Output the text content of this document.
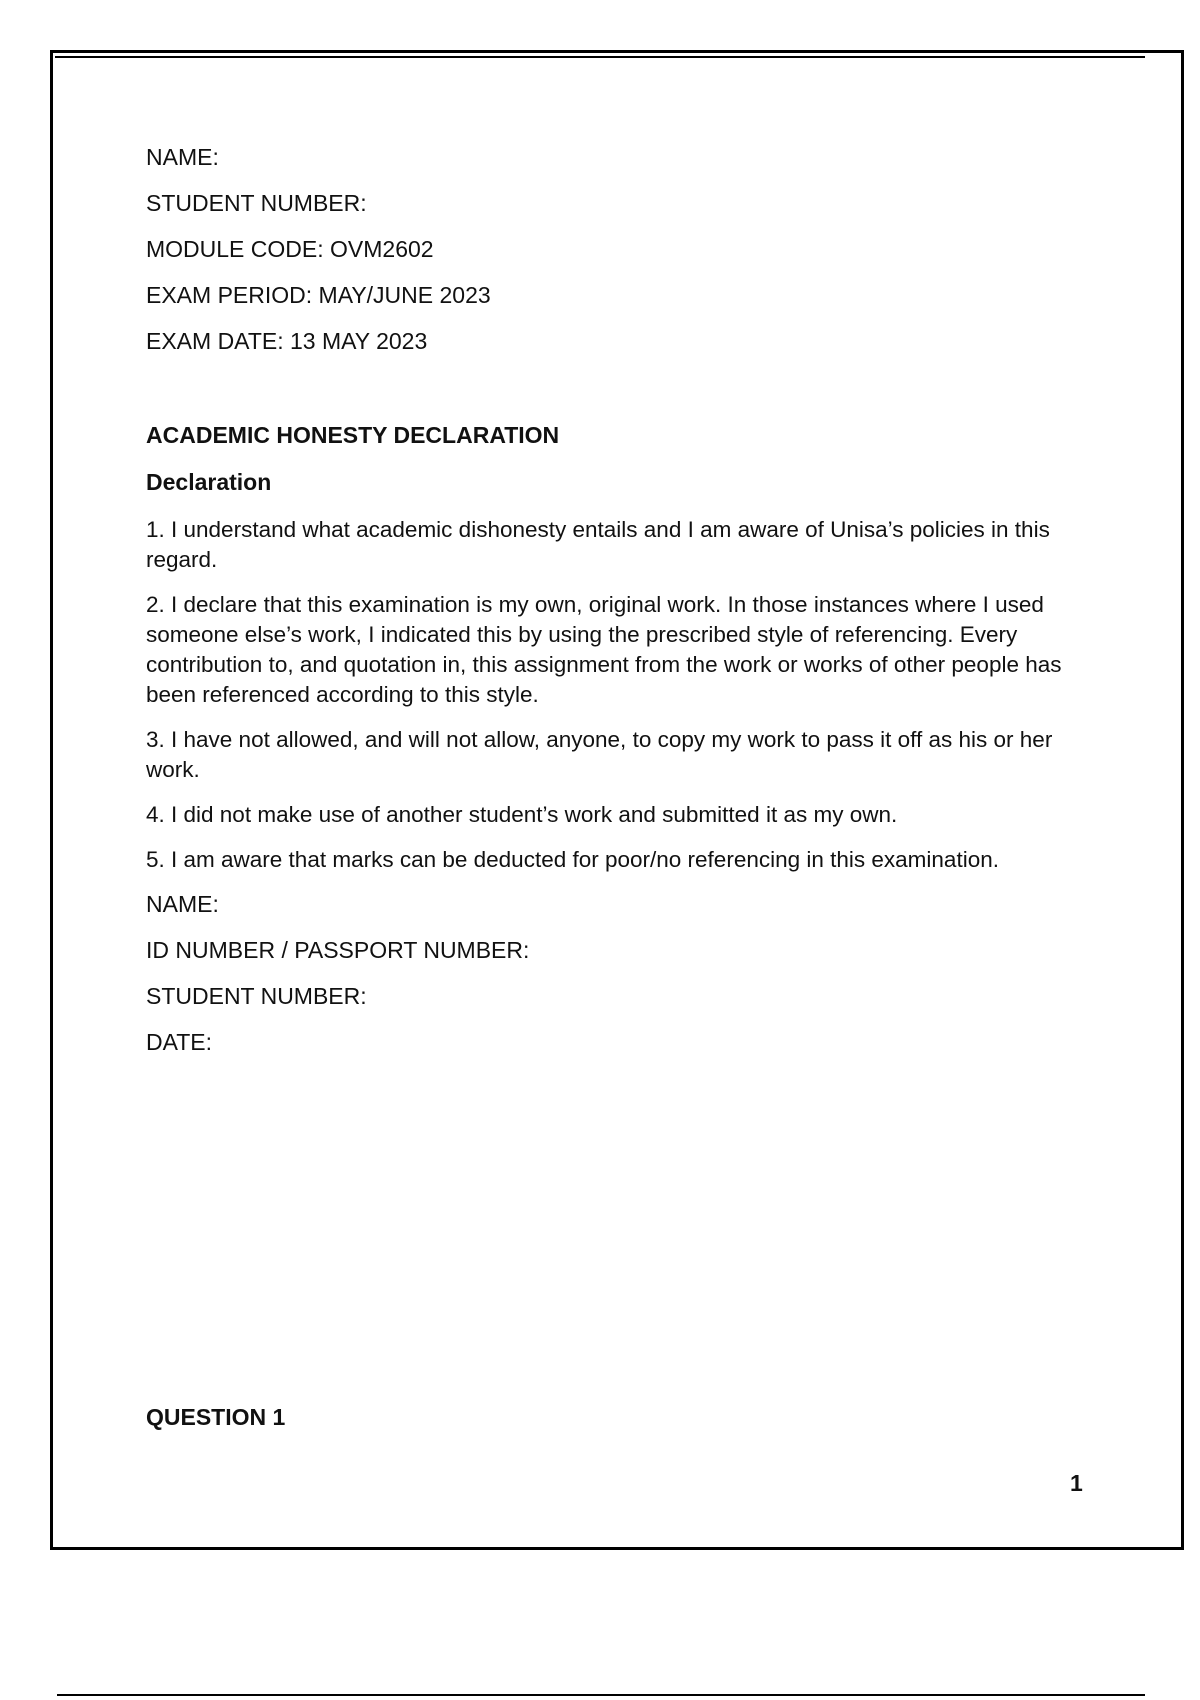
NAME:

STUDENT NUMBER:

MODULE CODE: OVM2602

EXAM PERIOD: MAY/JUNE 2023

EXAM DATE: 13 MAY 2023

ACADEMIC HONESTY DECLARATION

Declaration

1. I understand what academic dishonesty entails and I am aware of Unisa’s policies in this regard.

2. I declare that this examination is my own, original work. In those instances where I used someone else’s work, I indicated this by using the prescribed style of referencing. Every contribution to, and quotation in, this assignment from the work or works of other people has been referenced according to this style.

3. I have not allowed, and will not allow, anyone, to copy my work to pass it off as his or her work.

4. I did not make use of another student’s work and submitted it as my own.

5. I am aware that marks can be deducted for poor/no referencing in this examination.

NAME:

ID NUMBER / PASSPORT NUMBER:

STUDENT NUMBER:

DATE:

QUESTION 1
1
